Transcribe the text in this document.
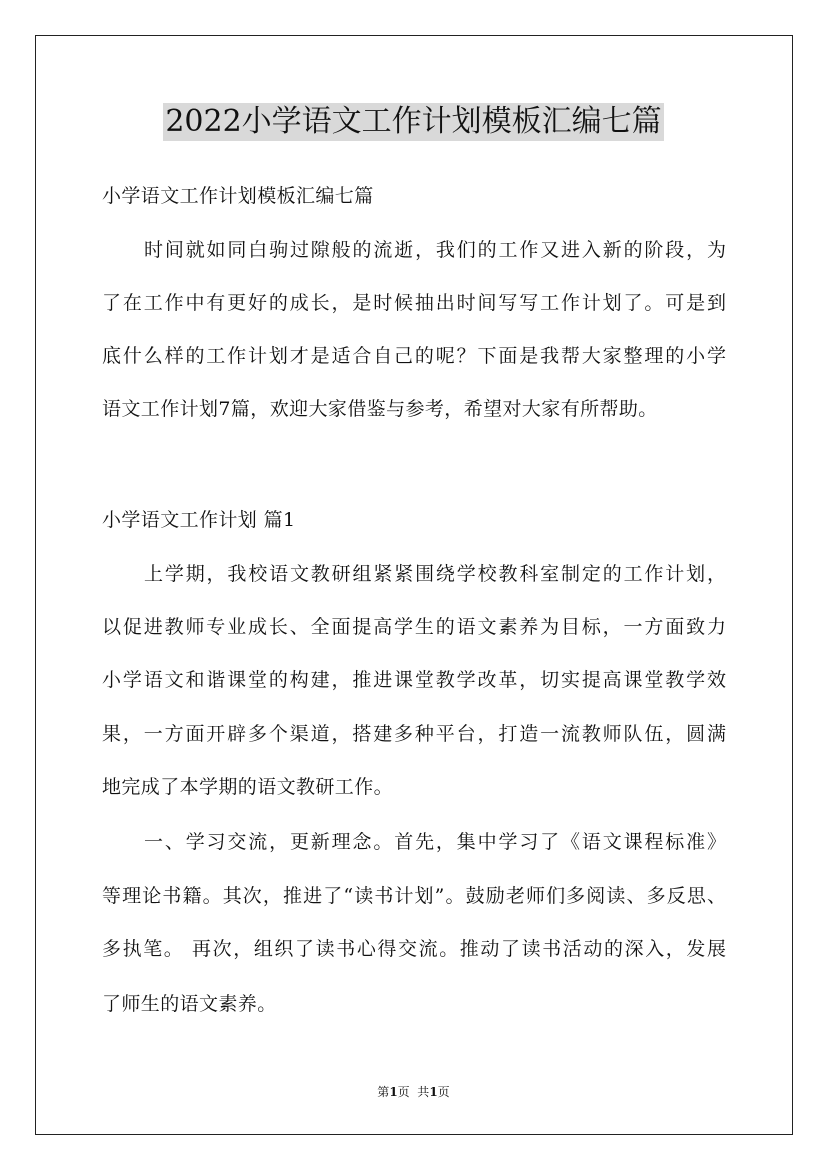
2022小学语文工作计划模板汇编七篇
小学语文工作计划模板汇编七篇
时间就如同白驹过隙般的流逝，我们的工作又进入新的阶段，为
了在工作中有更好的成长，是时候抽出时间写写工作计划了。可是到
底什么样的工作计划才是适合自己的呢？下面是我帮大家整理的小学
语文工作计划7篇，欢迎大家借鉴与参考，希望对大家有所帮助。
小学语文工作计划 篇1
上学期，我校语文教研组紧紧围绕学校教科室制定的工作计划，
以促进教师专业成长、全面提高学生的语文素养为目标，一方面致力
小学语文和谐课堂的构建，推进课堂教学改革，切实提高课堂教学效
果，一方面开辟多个渠道，搭建多种平台，打造一流教师队伍，圆满
地完成了本学期的语文教研工作。
一、学习交流，更新理念。首先，集中学习了《语文课程标准》
等理论书籍。其次，推进了“读书计划”。鼓励老师们多阅读、多反思、
多执笔。 再次，组织了读书心得交流。推动了读书活动的深入，发展
了师生的语文素养。
第1页  共1页
